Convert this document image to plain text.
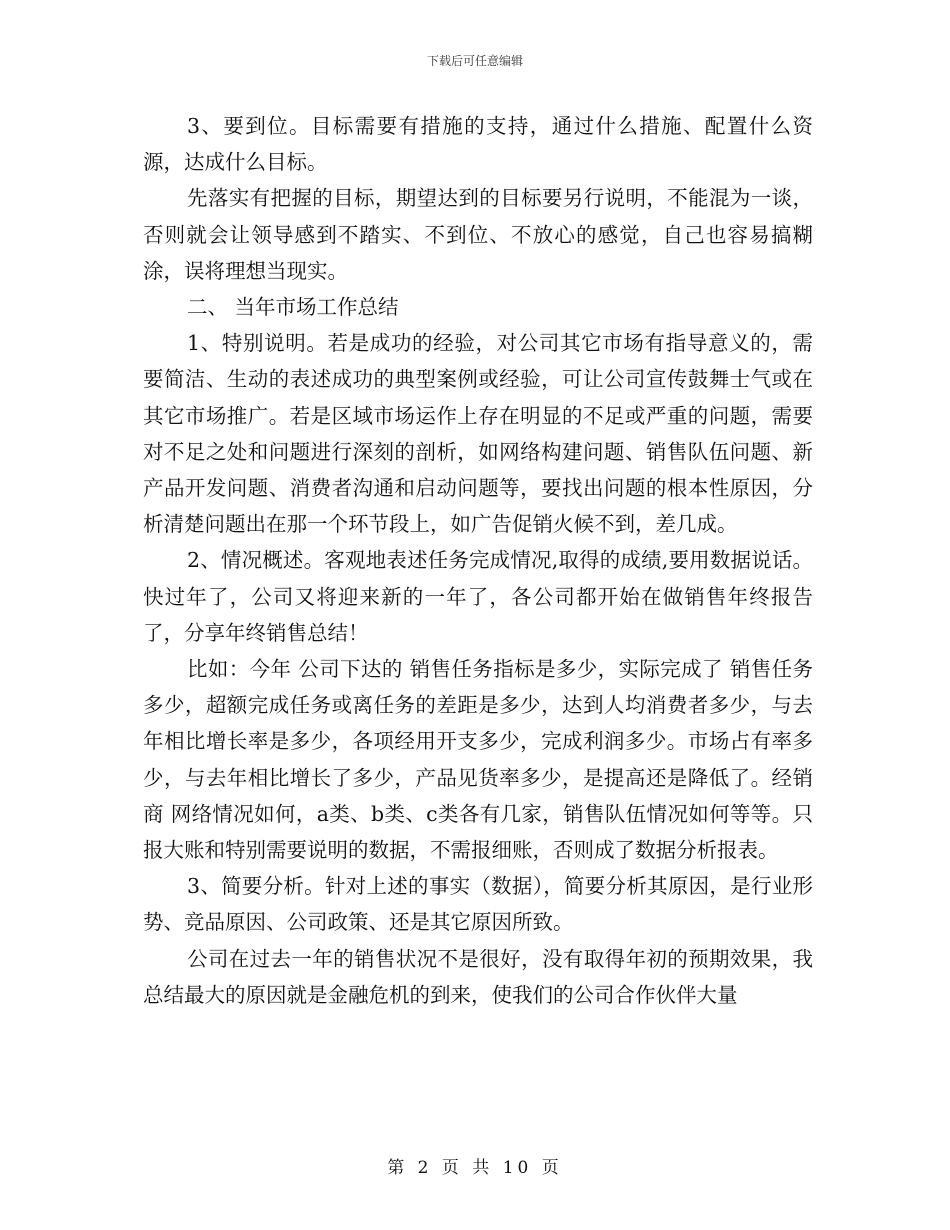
下载后可任意编辑

3、要到位。目标需要有措施的支持，通过什么措施、配置什么资源，达成什么目标。

先落实有把握的目标，期望达到的目标要另行说明，不能混为一谈，否则就会让领导感到不踏实、不到位、不放心的感觉，自己也容易搞糊涂，误将理想当现实。

二、 当年市场工作总结

1、特别说明。若是成功的经验，对公司其它市场有指导意义的，需要简洁、生动的表述成功的典型案例或经验，可让公司宣传鼓舞士气或在其它市场推广。若是区域市场运作上存在明显的不足或严重的问题，需要对不足之处和问题进行深刻的剖析，如网络构建问题、销售队伍问题、新产品开发问题、消费者沟通和启动问题等，要找出问题的根本性原因，分析清楚问题出在那一个环节段上，如广告促销火候不到，差几成。

2、情况概述。客观地表述任务完成情况,取得的成绩,要用数据说话。快过年了，公司又将迎来新的一年了，各公司都开始在做销售年终报告了，分享年终销售总结！

比如：今年 公司下达的 销售任务指标是多少，实际完成了 销售任务多少，超额完成任务或离任务的差距是多少，达到人均消费者多少，与去年相比增长率是多少，各项经用开支多少，完成利润多少。市场占有率多少，与去年相比增长了多少，产品见货率多少，是提高还是降低了。经销商 网络情况如何，a类、b类、c类各有几家，销售队伍情况如何等等。只报大账和特别需要说明的数据，不需报细账，否则成了数据分析报表。

3、简要分析。针对上述的事实（数据），简要分析其原因，是行业形势、竞品原因、公司政策、还是其它原因所致。

公司在过去一年的销售状况不是很好，没有取得年初的预期效果，我总结最大的原因就是金融危机的到来，使我们的公司合作伙伴大量

第 2 页 共 10 页
